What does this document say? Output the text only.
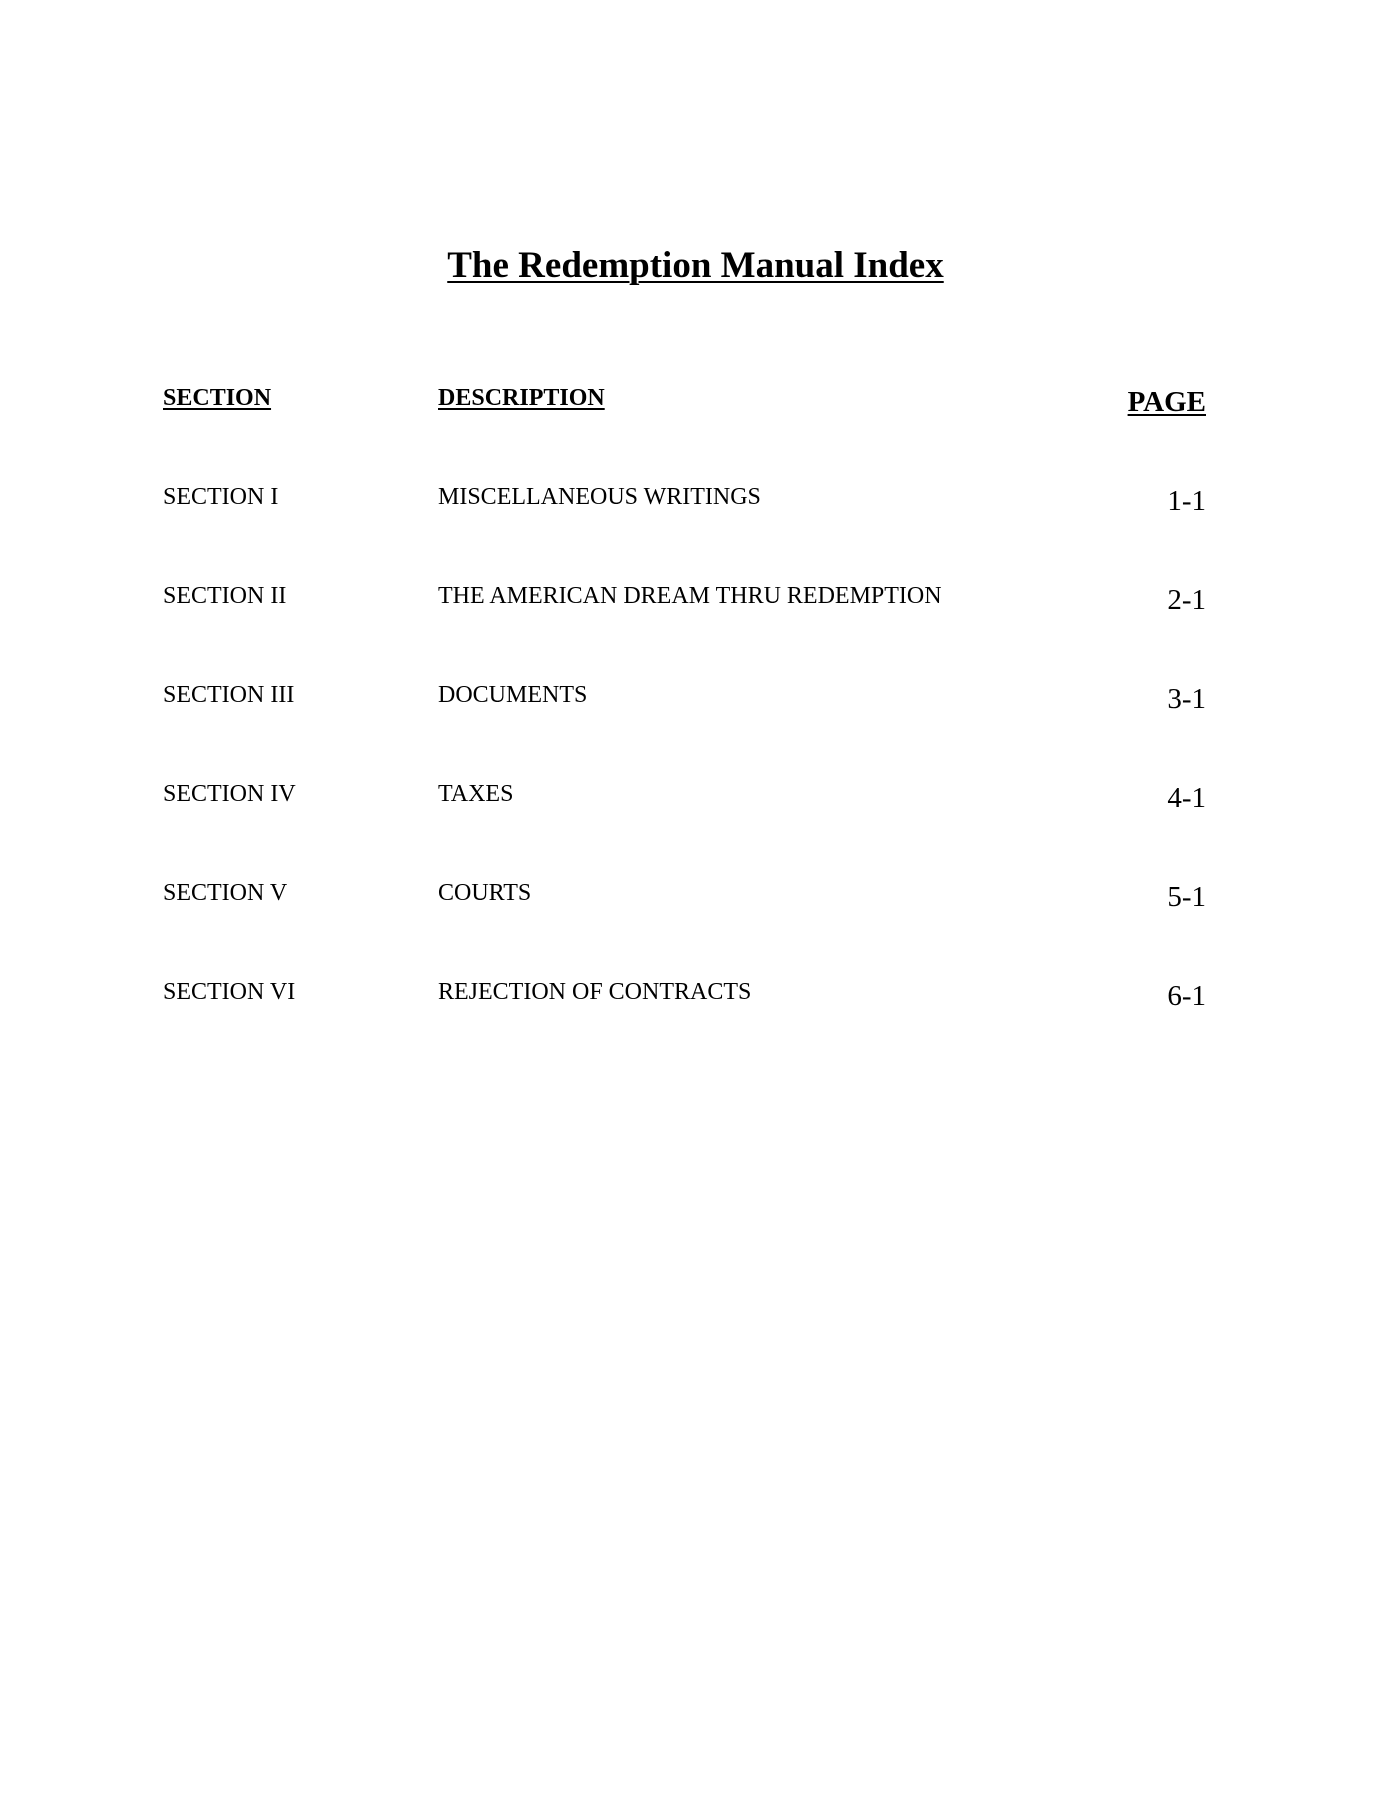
The Redemption Manual Index
SECTION	DESCRIPTION	PAGE
SECTION I	MISCELLANEOUS WRITINGS	1-1
SECTION II	THE AMERICAN DREAM THRU REDEMPTION	2-1
SECTION III	DOCUMENTS	3-1
SECTION IV	TAXES	4-1
SECTION V	COURTS	5-1
SECTION VI	REJECTION OF CONTRACTS	6-1
